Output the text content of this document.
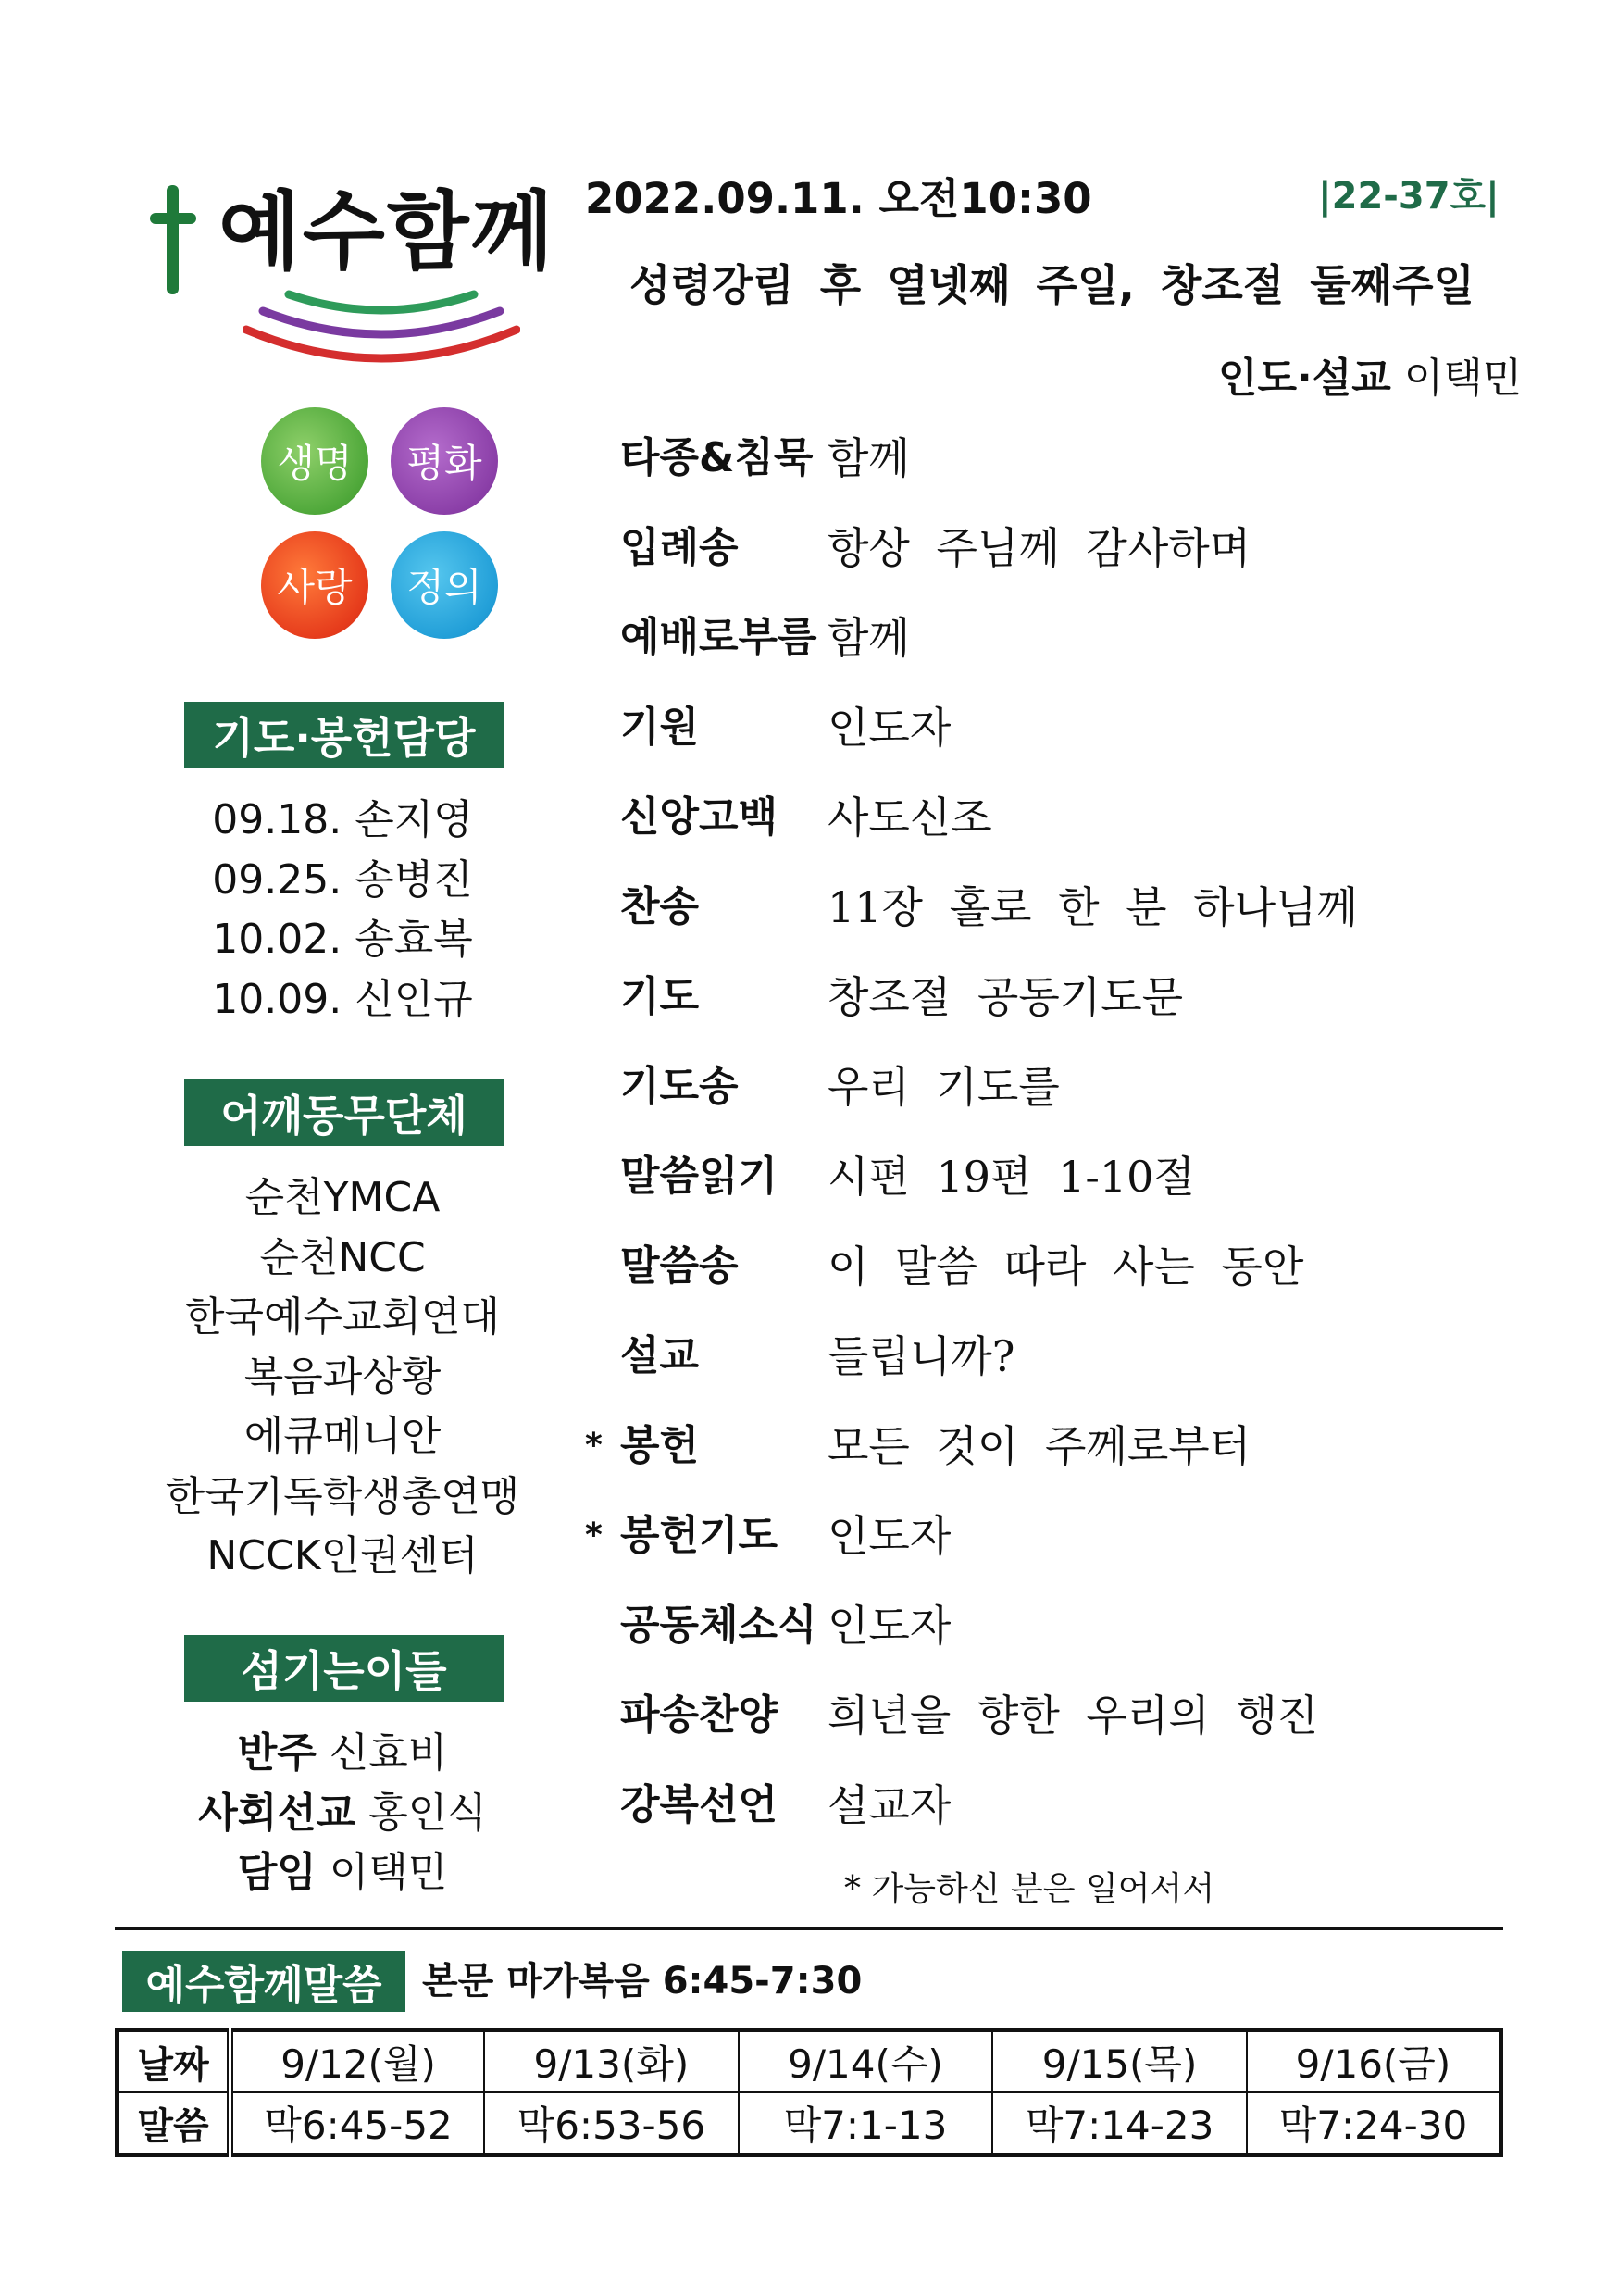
예수함께
생명	평화
사랑	정의
기도·봉헌담당
09.18. 손지영
09.25. 송병진
10.02. 송효복
10.09. 신인규
어깨동무단체
순천YMCA
순천NCC
한국예수교회연대
복음과상황
에큐메니안
한국기독학생총연맹
NCCK인권센터
섬기는이들
반주 신효비
사회선교 홍인식
담임 이택민
2022.09.11. 오전10:30	|22-37호|
성령강림 후 열넷째 주일, 창조절 둘째주일
인도·설교 이택민
타종&침묵 함께
입례송 항상 주님께 감사하며
예배로부름 함께
기원	인도자
신앙고백 사도신조
찬송	11장 홀로 한 분 하나님께
기도	창조절 공동기도문
기도송 우리 기도를
말씀읽기 시편 19편 1-10절
말씀송 이 말씀 따라 사는 동안
설교	들립니까?
* 봉헌	모든 것이 주께로부터
* 봉헌기도 인도자
공동체소식 인도자
파송찬양 희년을 향한 우리의 행진
강복선언 설교자
* 가능하신 분은 일어서서
예수함께말씀	본문 마가복음 6:45-7:30
날짜	9/12(월)	9/13(화)	9/14(수)	9/15(목)	9/16(금)
말씀	막6:45-52	막6:53-56	막7:1-13	막7:14-23	막7:24-30
